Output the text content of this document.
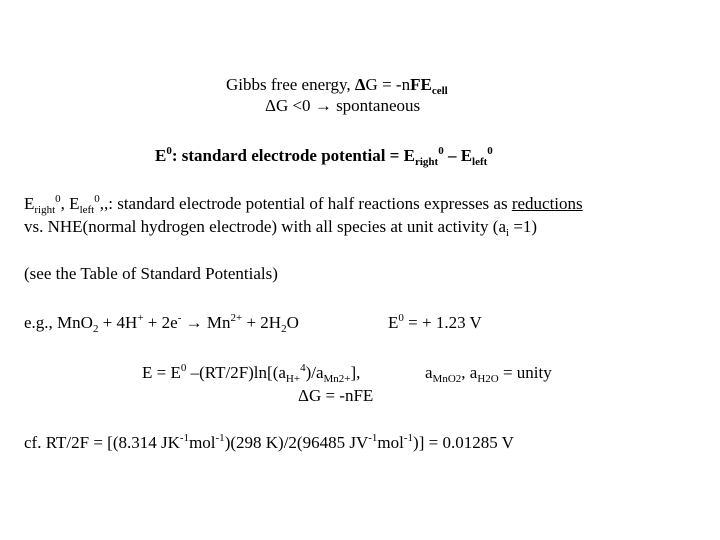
Gibbs free energy, ΔG = -nFE$_{cell}$
ΔG <0 → spontaneous
$E^0$: standard electrode potential = $E_{right}^0 - E_{left}^0$
$E_{right}^0$, $E_{left}^0$,,: standard electrode potential of half reactions expresses as reductions
vs. NHE(normal hydrogen electrode) with all species at unit activity $(a_i =1)$
(see the Table of Standard Potentials)
e.g., $MnO_2 + 4H^+ + 2e^- \to Mn^{2+} + 2H_2O$	$E^0$ = + 1.23 V
$E = E^0$ $-(RT/2F)\ln[(a_{H+}^4)/a_{Mn2+}]$,	$a_{MnO2}$, $a_{H2O}$ = unity
ΔG = -nFE
cf. RT/2F = [(8.314 $JK^{-1}mol^{-1})(298$ K)/2(96485 $JV^{-1}mol^{-1})] = 0.01285$ V
